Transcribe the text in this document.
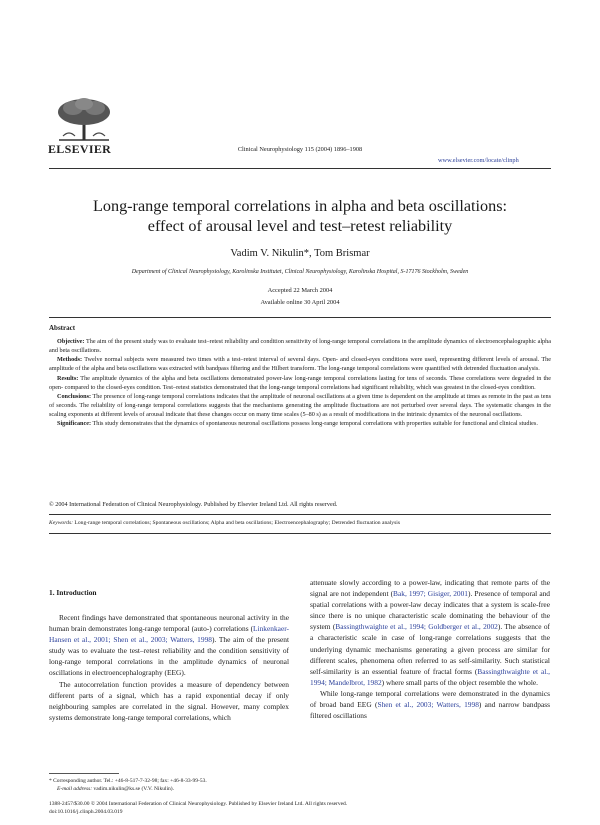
ELSEVIER	Clinical Neurophysiology 115 (2004) 1896–1908
www.elsevier.com/locate/clinph
Long-range temporal correlations in alpha and beta oscillations:
effect of arousal level and test–retest reliability
Vadim V. Nikulin*, Tom Brismar
Department of Clinical Neurophysiology, Karolinska Institutet, Clinical Neurophysiology, Karolinska Hospital, S-17176 Stockholm, Sweden
Accepted 22 March 2004
Available online 30 April 2004
Abstract

Objective: The aim of the present study was to evaluate test–retest reliability and condition sensitivity of long-range temporal correlations in the amplitude dynamics of electroencephalographic alpha and beta oscillations.

Methods: Twelve normal subjects were measured two times with a test–retest interval of several days. Open- and closed-eyes conditions were used, representing different levels of arousal. The amplitude of the alpha and beta oscillations was extracted with bandpass filtering and the Hilbert transform. The long-range temporal correlations were quantified with detrended fluctuation analysis.

Results: The amplitude dynamics of the alpha and beta oscillations demonstrated power-law long-range temporal correlations lasting for tens of seconds. These correlations were degraded in the open- compared to the closed-eyes condition. Test–retest statistics demonstrated that the long-range temporal correlations had significant reliability, which was greatest in the closed-eyes condition.

Conclusions: The presence of long-range temporal correlations indicates that the amplitude of neuronal oscillations at a given time is dependent on the amplitude at times as remote in the past as tens of seconds. The reliability of long-range temporal correlations suggests that the mechanisms generating the amplitude fluctuations are not perturbed over several days. The systematic changes in the scaling exponents at different levels of arousal indicate that these changes occur on many time scales (5–80 s) as a result of modifications in the intrinsic dynamics of the neuronal oscillations.

Significance: This study demonstrates that the dynamics of spontaneous neuronal oscillations possess long-range temporal correlations with properties suitable for functional and clinical studies.

© 2004 International Federation of Clinical Neurophysiology. Published by Elsevier Ireland Ltd. All rights reserved.
Keywords: Long-range temporal correlations; Spontaneous oscillations; Alpha and beta oscillations; Electroencephalography; Detrended fluctuation analysis
1. Introduction

Recent findings have demonstrated that spontaneous neuronal activity in the human brain demonstrates long-range temporal (auto-) correlations (Linkenkaer-Hansen et al., 2001; Shen et al., 2003; Watters, 1998). The aim of the present study was to evaluate the test–retest reliability and the condition sensitivity of long-range temporal correlations in the amplitude dynamics of neuronal oscillations in electroencephalography (EEG).

The autocorrelation function provides a measure of dependency between different parts of a signal, which has a rapid exponential decay if only neighbouring samples are correlated in the signal. However, many complex systems demonstrate long-range temporal correlations, which

attenuate slowly according to a power-law, indicating that remote parts of the signal are not independent (Bak, 1997; Gisiger, 2001). Presence of temporal and spatial correlations with a power-law decay indicates that a system is scale-free since there is no unique characteristic scale dominating the behaviour of the system (Bassingthwaighte et al., 1994; Goldberger et al., 2002). The absence of a characteristic scale in case of long-range correlations suggests that the underlying dynamic mechanisms generating a given process are similar for different scales, phenomena often referred to as self-similarity. Such statistical self-similarity is an essential feature of fractal forms (Bassingthwaighte et al., 1994; Mandelbrot, 1982) where small parts of the object resemble the whole.

While long-range temporal correlations were demonstrated in the dynamics of broad band EEG (Shen et al., 2003; Watters, 1998) and narrow bandpass filtered oscillations

* Corresponding author. Tel.: +46-8-517-7-32-98; fax: +46-8-33-99-53.
E-mail address: vadim.nikulin@ks.se (V.V. Nikulin).
1388-2457/$30.00 © 2004 International Federation of Clinical Neurophysiology. Published by Elsevier Ireland Ltd. All rights reserved.
doi:10.1016/j.clinph.2004.03.019
